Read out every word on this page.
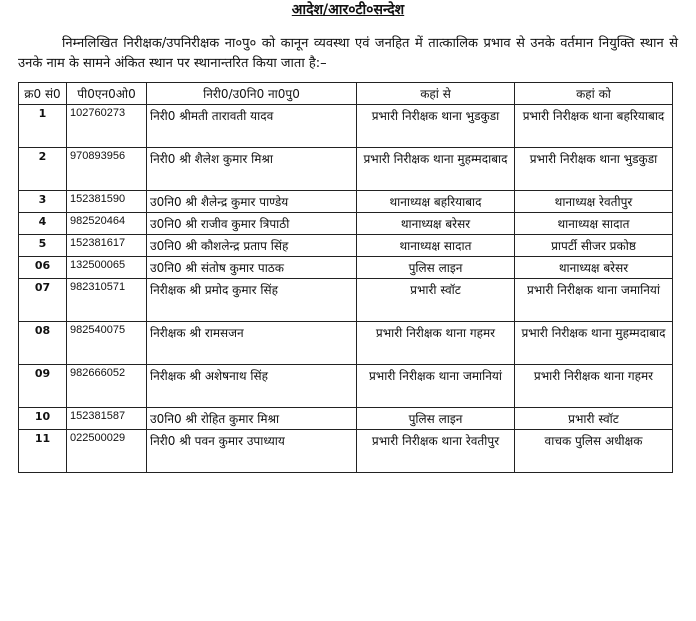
आदेश/आर०टी०सन्देश

निम्नलिखित निरीक्षक/उपनिरीक्षक ना०पु० को कानून व्यवस्था एवं जनहित में तात्कालिक प्रभाव से उनके वर्तमान नियुक्ति स्थान से उनके नाम के सामने अंकित स्थान पर स्थानान्तरित किया जाता है:–

क्र0 सं0	पी0एन0ओ0	निरी0/उ0नि0 ना0पु0	कहां से	कहां को
1	102760273	निरी0 श्रीमती तारावती यादव	प्रभारी निरीक्षक थाना भुडकुडा	प्रभारी निरीक्षक थाना बहरियाबाद
2	970893956	निरी0 श्री शैलेश कुमार मिश्रा	प्रभारी निरीक्षक थाना मुहम्मदाबाद	प्रभारी निरीक्षक थाना भुडकुडा
3	152381590	उ0नि0 श्री शैलेन्द्र कुमार पाण्डेय	थानाध्यक्ष बहरियाबाद	थानाध्यक्ष रेवतीपुर
4	982520464	उ0नि0 श्री राजीव कुमार त्रिपाठी	थानाध्यक्ष बरेसर	थानाध्यक्ष सादात
5	152381617	उ0नि0 श्री कौशलेन्द्र प्रताप सिंह	थानाध्यक्ष सादात	प्रापर्टी सीजर प्रकोष्ठ
06	132500065	उ0नि0 श्री संतोष कुमार पाठक	पुलिस लाइन	थानाध्यक्ष बरेसर
07	982310571	निरीक्षक श्री प्रमोद कुमार सिंह	प्रभारी स्वॉट	प्रभारी निरीक्षक थाना जमानियां
08	982540075	निरीक्षक श्री रामसजन	प्रभारी निरीक्षक थाना गहमर	प्रभारी निरीक्षक थाना मुहम्मदाबाद
09	982666052	निरीक्षक श्री अशेषनाथ सिंह	प्रभारी निरीक्षक थाना जमानियां	प्रभारी निरीक्षक थाना गहमर
10	152381587	उ0नि0 श्री रोहित कुमार मिश्रा	पुलिस लाइन	प्रभारी स्वॉट
11	022500029	निरी0 श्री पवन कुमार उपाध्याय	प्रभारी निरीक्षक थाना रेवतीपुर	वाचक पुलिस अधीक्षक
